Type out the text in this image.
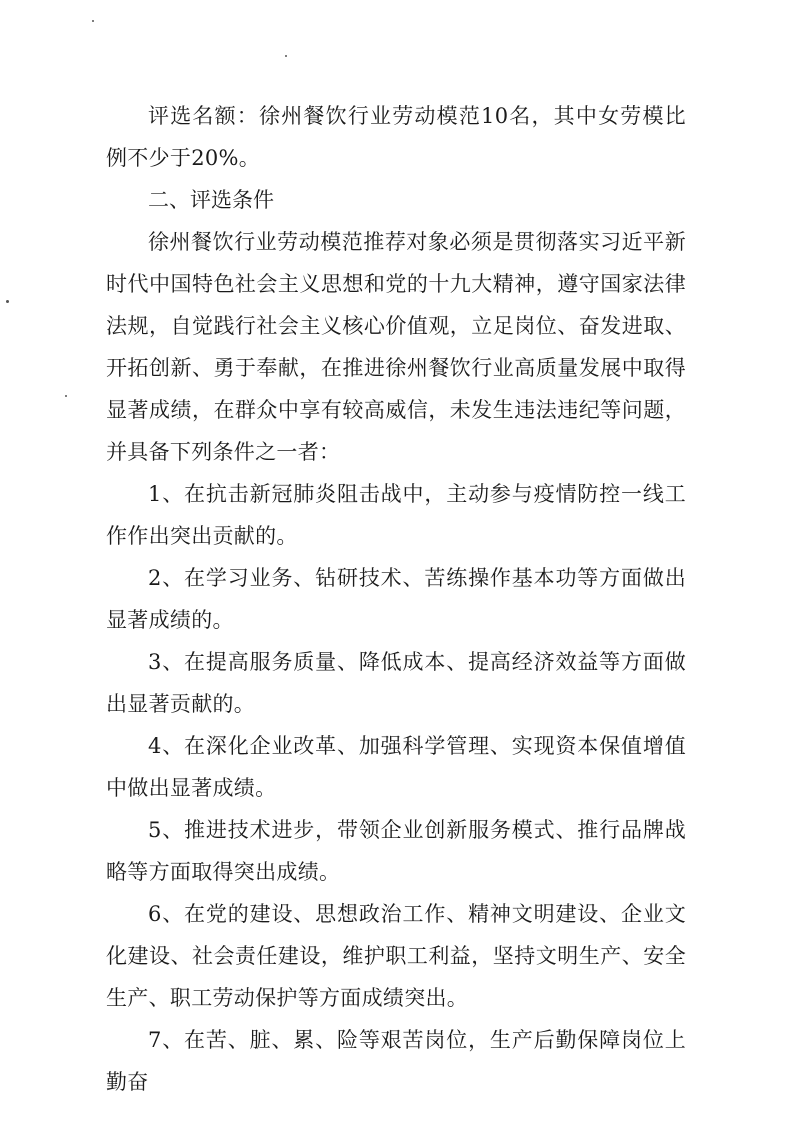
评选名额：徐州餐饮行业劳动模范10名，其中女劳模比例不少于20%。

二、评选条件

徐州餐饮行业劳动模范推荐对象必须是贯彻落实习近平新时代中国特色社会主义思想和党的十九大精神，遵守国家法律法规，自觉践行社会主义核心价值观，立足岗位、奋发进取、开拓创新、勇于奉献，在推进徐州餐饮行业高质量发展中取得显著成绩，在群众中享有较高威信，未发生违法违纪等问题，并具备下列条件之一者：

1、在抗击新冠肺炎阻击战中，主动参与疫情防控一线工作作出突出贡献的。

2、在学习业务、钻研技术、苦练操作基本功等方面做出显著成绩的。

3、在提高服务质量、降低成本、提高经济效益等方面做出显著贡献的。

4、在深化企业改革、加强科学管理、实现资本保值增值中做出显著成绩。

5、推进技术进步，带领企业创新服务模式、推行品牌战略等方面取得突出成绩。

6、在党的建设、思想政治工作、精神文明建设、企业文化建设、社会责任建设，维护职工利益，坚持文明生产、安全生产、职工劳动保护等方面成绩突出。

7、在苦、脏、累、险等艰苦岗位，生产后勤保障岗位上勤奋
